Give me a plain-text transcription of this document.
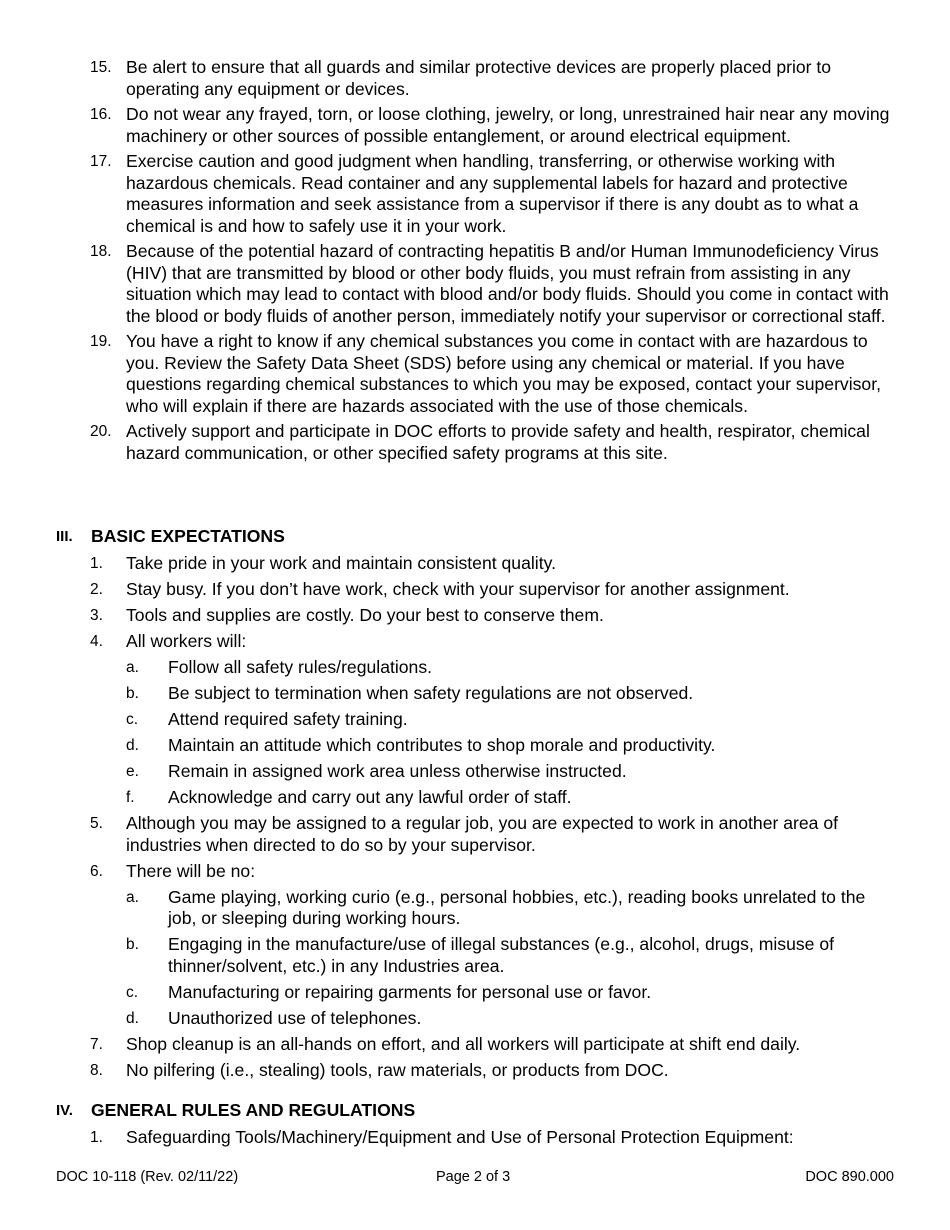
15. Be alert to ensure that all guards and similar protective devices are properly placed prior to operating any equipment or devices.
16. Do not wear any frayed, torn, or loose clothing, jewelry, or long, unrestrained hair near any moving machinery or other sources of possible entanglement, or around electrical equipment.
17. Exercise caution and good judgment when handling, transferring, or otherwise working with hazardous chemicals. Read container and any supplemental labels for hazard and protective measures information and seek assistance from a supervisor if there is any doubt as to what a chemical is and how to safely use it in your work.
18. Because of the potential hazard of contracting hepatitis B and/or Human Immunodeficiency Virus (HIV) that are transmitted by blood or other body fluids, you must refrain from assisting in any situation which may lead to contact with blood and/or body fluids. Should you come in contact with the blood or body fluids of another person, immediately notify your supervisor or correctional staff.
19. You have a right to know if any chemical substances you come in contact with are hazardous to you. Review the Safety Data Sheet (SDS) before using any chemical or material. If you have questions regarding chemical substances to which you may be exposed, contact your supervisor, who will explain if there are hazards associated with the use of those chemicals.
20. Actively support and participate in DOC efforts to provide safety and health, respirator, chemical hazard communication, or other specified safety programs at this site.
III. BASIC EXPECTATIONS
1.	Take pride in your work and maintain consistent quality.
2.	Stay busy. If you don’t have work, check with your supervisor for another assignment.
3.	Tools and supplies are costly. Do your best to conserve them.
4.	All workers will:
a.	Follow all safety rules/regulations.
b.	Be subject to termination when safety regulations are not observed.
c.	Attend required safety training.
d.	Maintain an attitude which contributes to shop morale and productivity.
e.	Remain in assigned work area unless otherwise instructed.
f.	Acknowledge and carry out any lawful order of staff.
5.	Although you may be assigned to a regular job, you are expected to work in another area of industries when directed to do so by your supervisor.
6.	There will be no:
a.	Game playing, working curio (e.g., personal hobbies, etc.), reading books unrelated to the job, or sleeping during working hours.
b.	Engaging in the manufacture/use of illegal substances (e.g., alcohol, drugs, misuse of thinner/solvent, etc.) in any Industries area.
c.	Manufacturing or repairing garments for personal use or favor.
d.	Unauthorized use of telephones.
7.	Shop cleanup is an all-hands on effort, and all workers will participate at shift end daily.
8.	No pilfering (i.e., stealing) tools, raw materials, or products from DOC.
IV. GENERAL RULES AND REGULATIONS
1.	Safeguarding Tools/Machinery/Equipment and Use of Personal Protection Equipment:
DOC 10-118 (Rev. 02/11/22)	Page 2 of 3	DOC 890.000
